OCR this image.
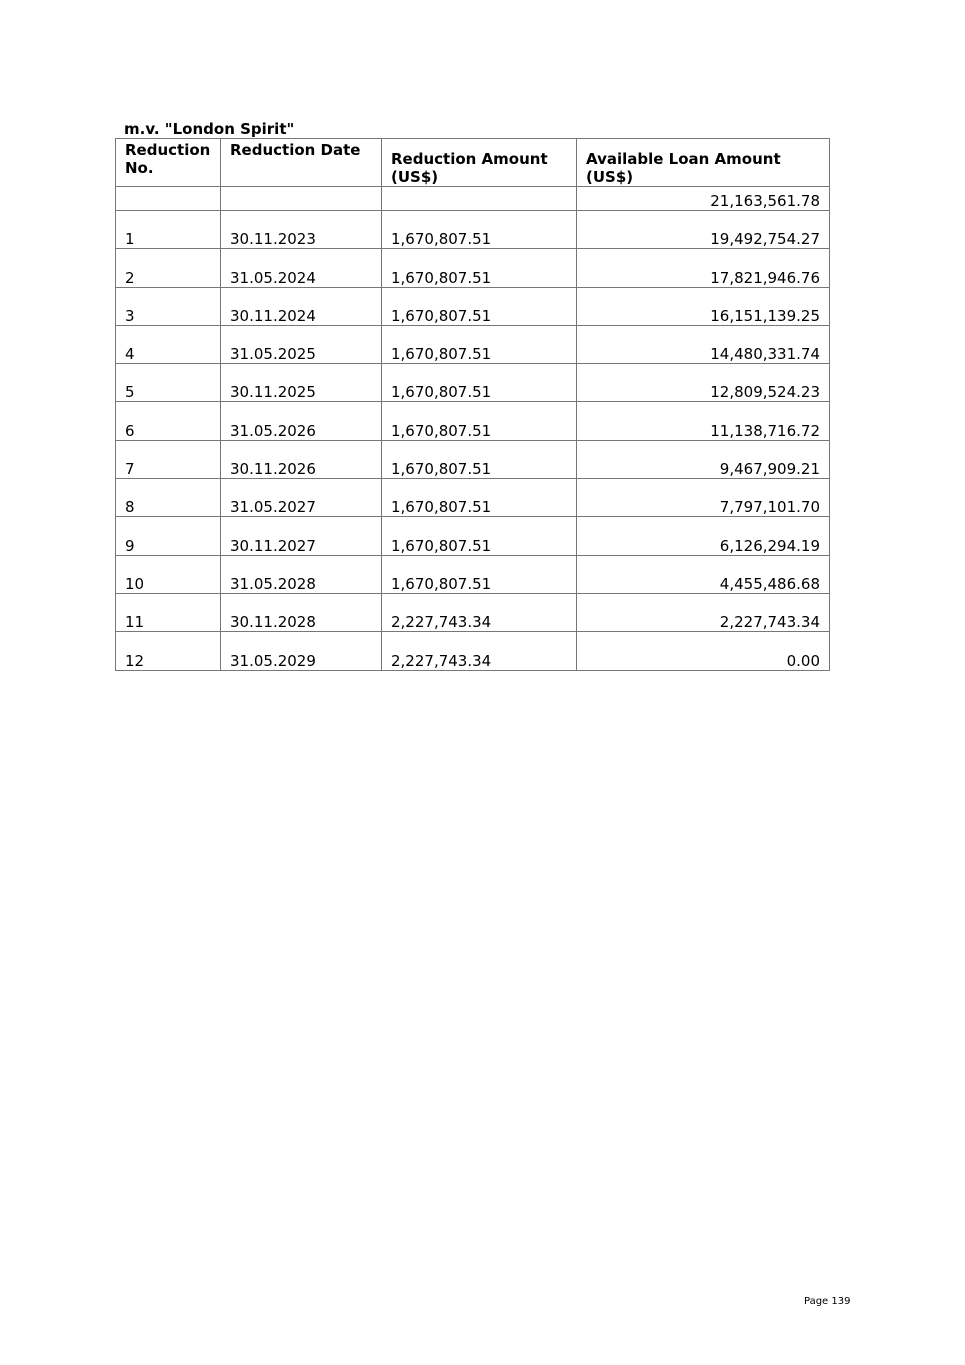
m.v. "London Spirit"
Reduction No.	Reduction Date	Reduction Amount (US$)	Available Loan Amount (US$)
			21,163,561.78
1	30.11.2023	1,670,807.51	19,492,754.27
2	31.05.2024	1,670,807.51	17,821,946.76
3	30.11.2024	1,670,807.51	16,151,139.25
4	31.05.2025	1,670,807.51	14,480,331.74
5	30.11.2025	1,670,807.51	12,809,524.23
6	31.05.2026	1,670,807.51	11,138,716.72
7	30.11.2026	1,670,807.51	9,467,909.21
8	31.05.2027	1,670,807.51	7,797,101.70
9	30.11.2027	1,670,807.51	6,126,294.19
10	31.05.2028	1,670,807.51	4,455,486.68
11	30.11.2028	2,227,743.34	2,227,743.34
12	31.05.2029	2,227,743.34	0.00
Page 139
